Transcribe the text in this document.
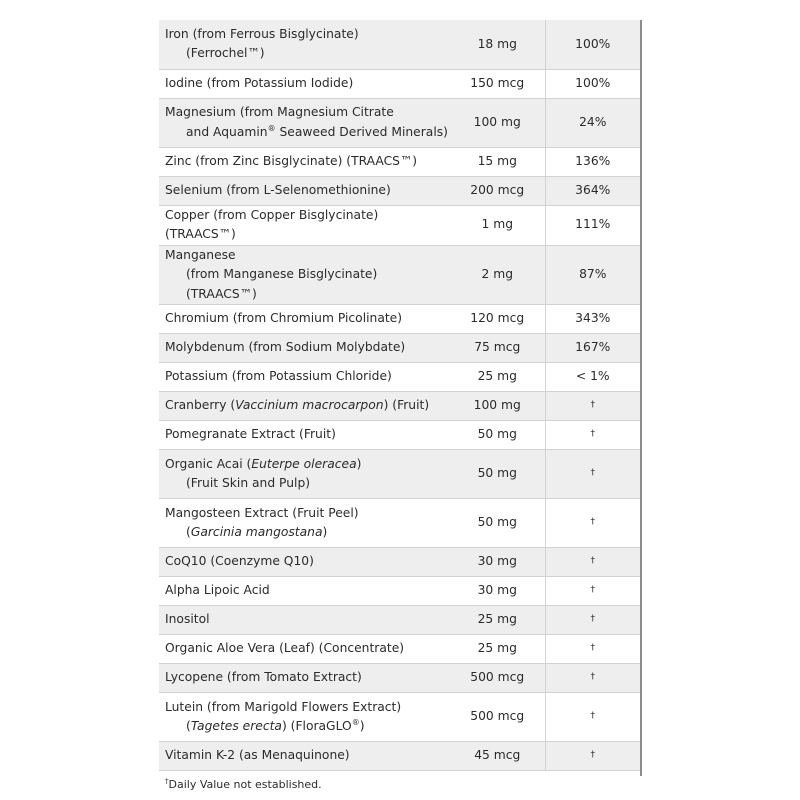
Iron (from Ferrous Bisglycinate)
(Ferrochel™)	18 mg	100%
Iodine (from Potassium Iodide)	150 mcg	100%

Magnesium (from Magnesium Citrate
and Aquamin® Seaweed Derived Minerals)	100 mg	24%
Zinc (from Zinc Bisglycinate) (TRAACS™)	15 mg	136%
Selenium (from L-Selenomethionine)	200 mcg	364%
Copper (from Copper Bisglycinate) (TRAACS™)	1 mg	111%

Manganese
(from Manganese Bisglycinate) (TRAACS™)	2 mg	87%
Chromium (from Chromium Picolinate)	120 mcg	343%
Molybdenum (from Sodium Molybdate)	75 mcg	167%
Potassium (from Potassium Chloride)	25 mg	< 1%
Cranberry (Vaccinium macrocarpon) (Fruit)	100 mg	†
Pomegranate Extract (Fruit)	50 mg	†

Organic Acai (Euterpe oleracea)
(Fruit Skin and Pulp)	50 mg	†

Mangosteen Extract (Fruit Peel)
(Garcinia mangostana)	50 mg	†
CoQ10 (Coenzyme Q10)	30 mg	†
Alpha Lipoic Acid	30 mg	†
Inositol	25 mg	†
Organic Aloe Vera (Leaf) (Concentrate)	25 mg	†
Lycopene (from Tomato Extract)	500 mcg	†

Lutein (from Marigold Flowers Extract)
(Tagetes erecta) (FloraGLO®)	500 mcg	†
Vitamin K-2 (as Menaquinone)	45 mcg	†
†Daily Value not established.		
